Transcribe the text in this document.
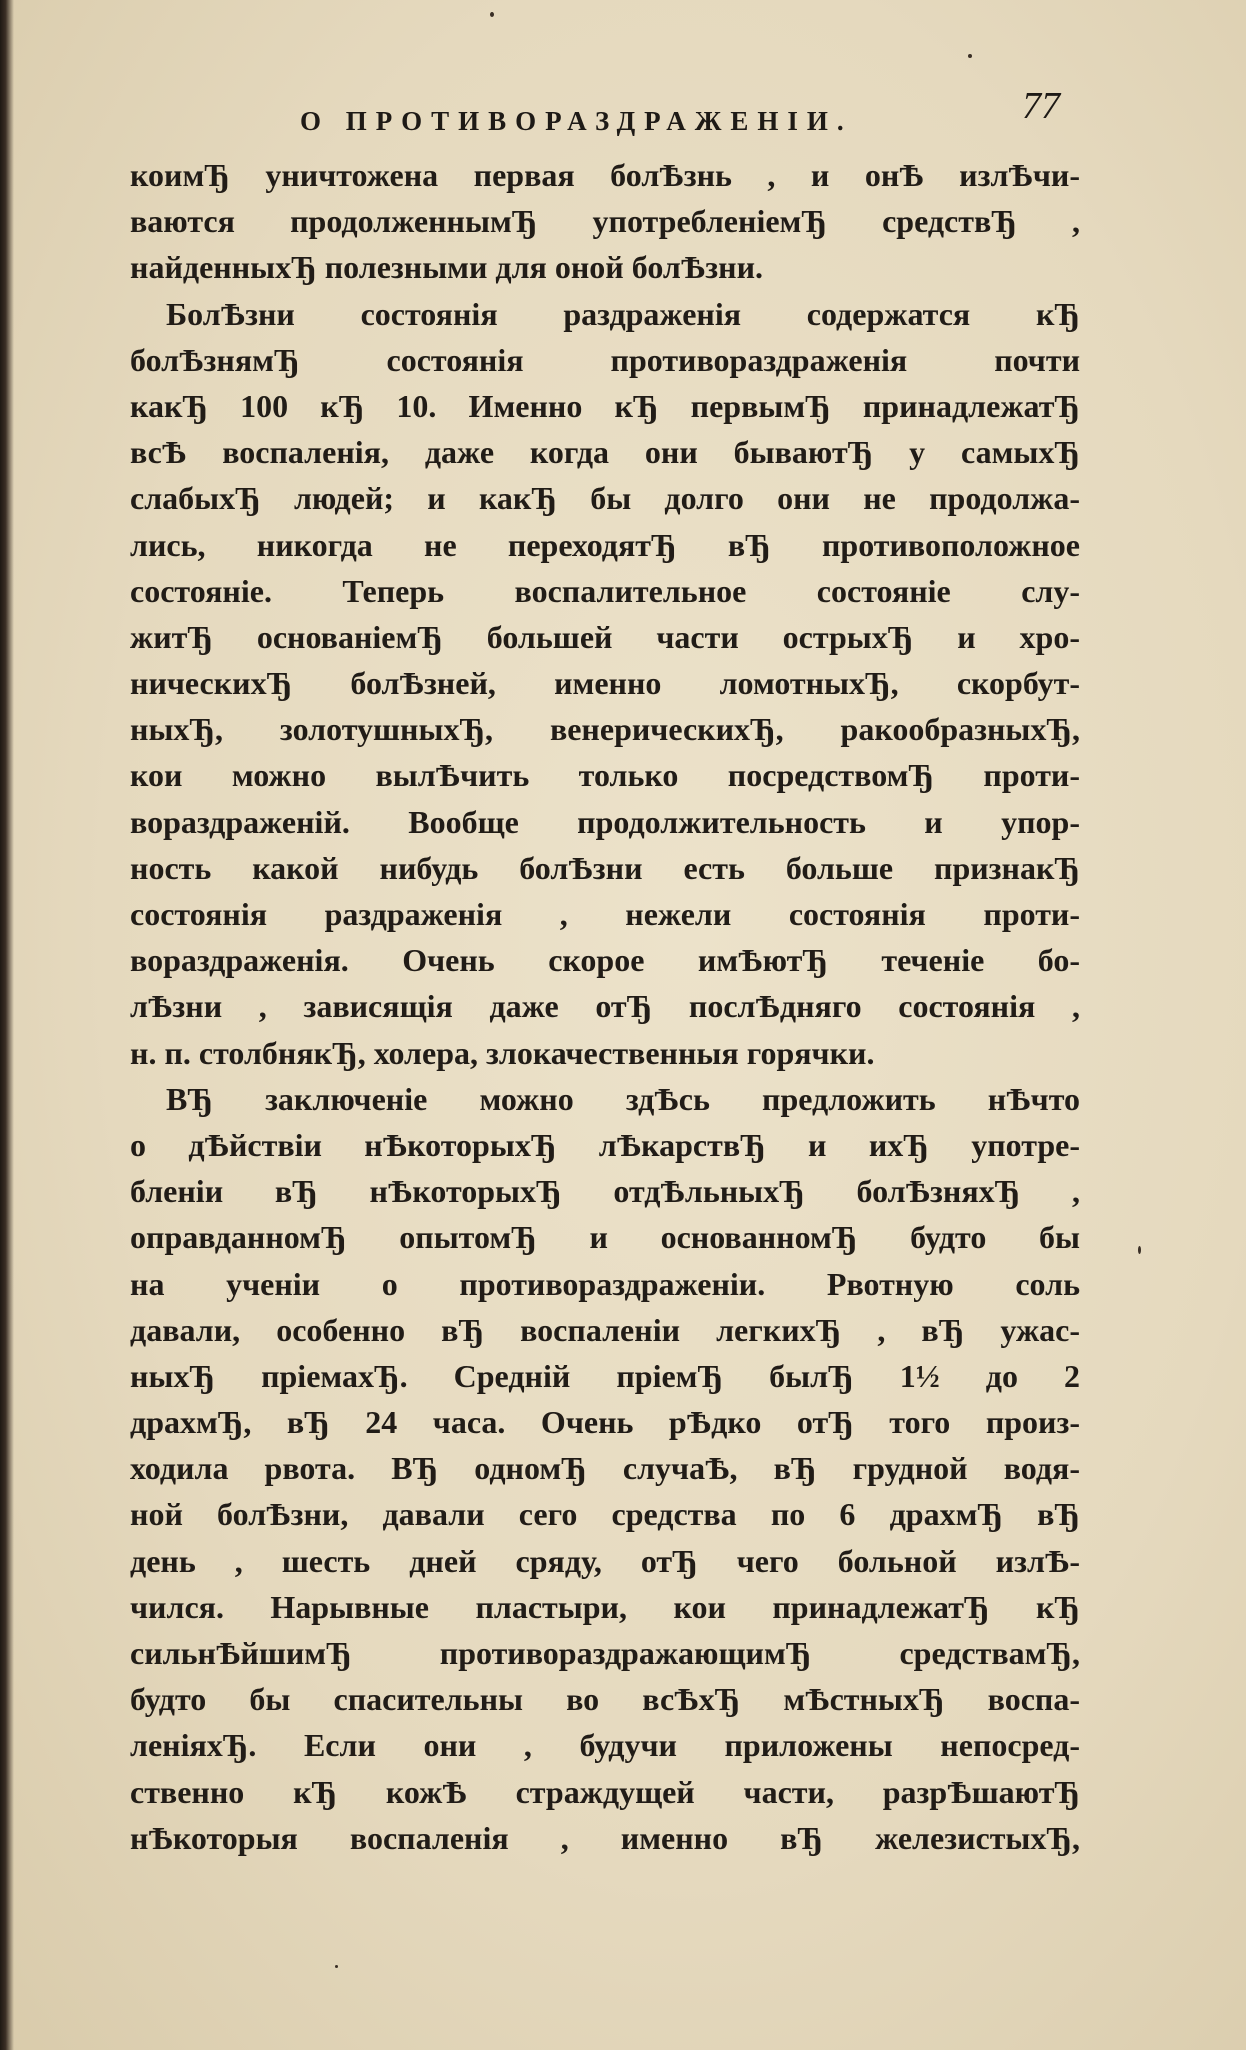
О ПРОТИВОРАЗДРАЖЕНІИ.	77
коимЂ уничтожена первая болѢзнь , и онѢ излѢчи-
ваются продолженнымЂ употребленіемЂ средствЂ ,
найденныхЂ полезными для оной болѢзни.
БолѢзни состоянія раздраженія содержатся кЂ
болѢзнямЂ состоянія противораздраженія почти
какЂ 100 кЂ 10. Именно кЂ первымЂ принадлежатЂ
всѢ воспаленія, даже когда они бываютЂ у самыхЂ
слабыхЂ людей; и какЂ бы долго они не продолжа-
лись, никогда не переходятЂ вЂ противоположное
состояніе. Теперь воспалительное состояніе слу-
житЂ основаніемЂ большей части острыхЂ и хро-
ническихЂ болѢзней, именно ломотныхЂ, скорбут-
ныхЂ, золотушныхЂ, венерическихЂ, ракообразныхЂ,
кои можно вылѢчить только посредствомЂ проти-
вораздраженій. Вообще продолжительность и упор-
ность какой нибудь болѢзни есть больше признакЂ
состоянія раздраженія , нежели состоянія проти-
вораздраженія. Очень скорое имѢютЂ теченіе бо-
лѢзни , зависящія даже отЂ послѢдняго состоянія ,
н. п. столбнякЂ, холера, злокачественныя горячки.
ВЂ заключеніе можно здѢсь предложить нѢчто
о дѢйствіи нѢкоторыхЂ лѢкарствЂ и ихЂ употре-
бленіи вЂ нѢкоторыхЂ отдѢльныхЂ болѢзняхЂ ,
оправданномЂ опытомЂ и основанномЂ будто бы
на ученіи о противораздраженіи. Рвотную соль
давали, особенно вЂ воспаленіи легкихЂ , вЂ ужас-
ныхЂ пріемахЂ. Средній пріемЂ былЂ 1½ до 2
драхмЂ, вЂ 24 часа. Очень рѢдко отЂ того произ-
ходила рвота. ВЂ одномЂ случаѢ, вЂ грудной водя-
ной болѢзни, давали сего средства по 6 драхмЂ вЂ
день , шесть дней сряду, отЂ чего больной излѢ-
чился. Нарывные пластыри, кои принадлежатЂ кЂ
сильнѢйшимЂ противораздражающимЂ средствамЂ,
будто бы спасительны во всѢхЂ мѢстныхЂ воспа-
леніяхЂ. Если они , будучи приложены непосред-
ственно кЂ кожѢ страждущей части, разрѢшаютЂ
нѢкоторыя воспаленія , именно вЂ железистыхЂ,
